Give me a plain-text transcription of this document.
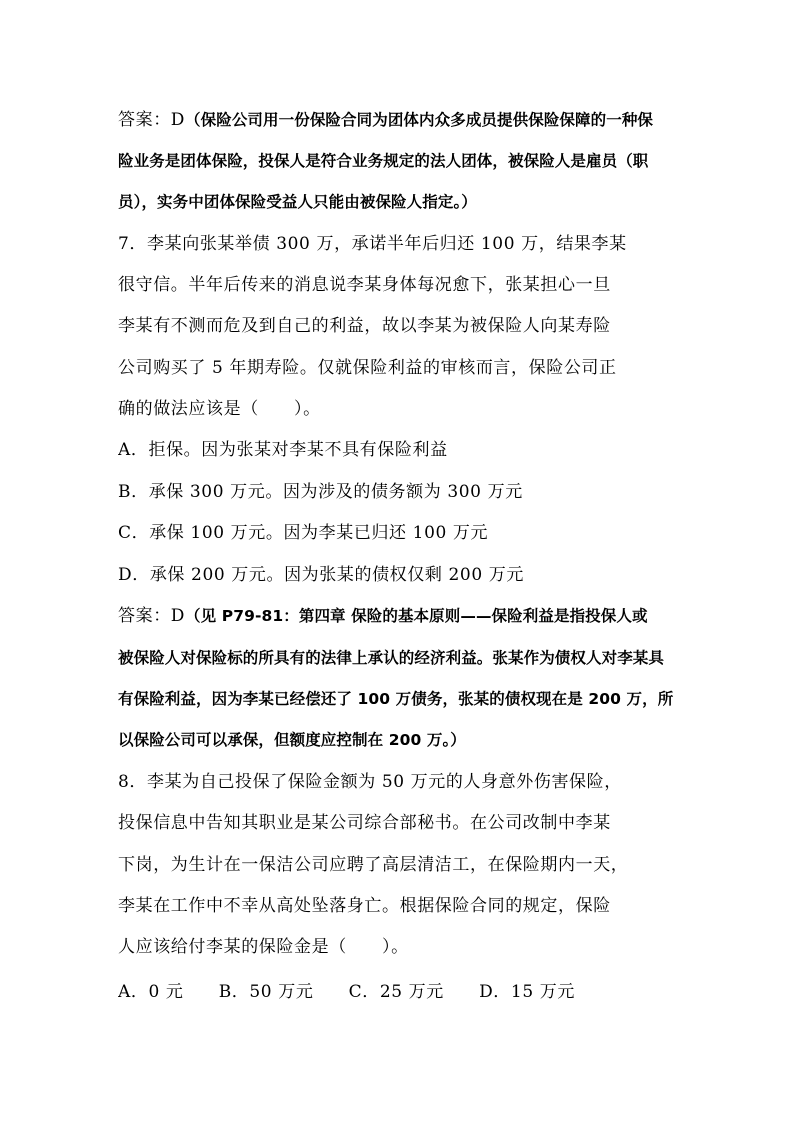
答案：D（保险公司用一份保险合同为团体内众多成员提供保险保障的一种保
险业务是团体保险，投保人是符合业务规定的法人团体，被保险人是雇员（职
员），实务中团体保险受益人只能由被保险人指定。）
7．李某向张某举债 300 万，承诺半年后归还 100 万，结果李某
很守信。半年后传来的消息说李某身体每况愈下，张某担心一旦
李某有不测而危及到自己的利益，故以李某为被保险人向某寿险
公司购买了 5 年期寿险。仅就保险利益的审核而言，保险公司正
确的做法应该是（　　）。
A．拒保。因为张某对李某不具有保险利益
B．承保 300 万元。因为涉及的债务额为 300 万元
C．承保 100 万元。因为李某已归还 100 万元
D．承保 200 万元。因为张某的债权仅剩 200 万元
答案：D（见 P79-81：第四章 保险的基本原则——保险利益是指投保人或
被保险人对保险标的所具有的法律上承认的经济利益。张某作为债权人对李某具
有保险利益，因为李某已经偿还了 100 万债务，张某的债权现在是 200 万，所
以保险公司可以承保，但额度应控制在 200 万。）
8．李某为自己投保了保险金额为 50 万元的人身意外伤害保险，
投保信息中告知其职业是某公司综合部秘书。在公司改制中李某
下岗，为生计在一保洁公司应聘了高层清洁工，在保险期内一天，
李某在工作中不幸从高处坠落身亡。根据保险合同的规定，保险
人应该给付李某的保险金是（　　）。
A．0 元　　B．50 万元　　C．25 万元　　D．15 万元
